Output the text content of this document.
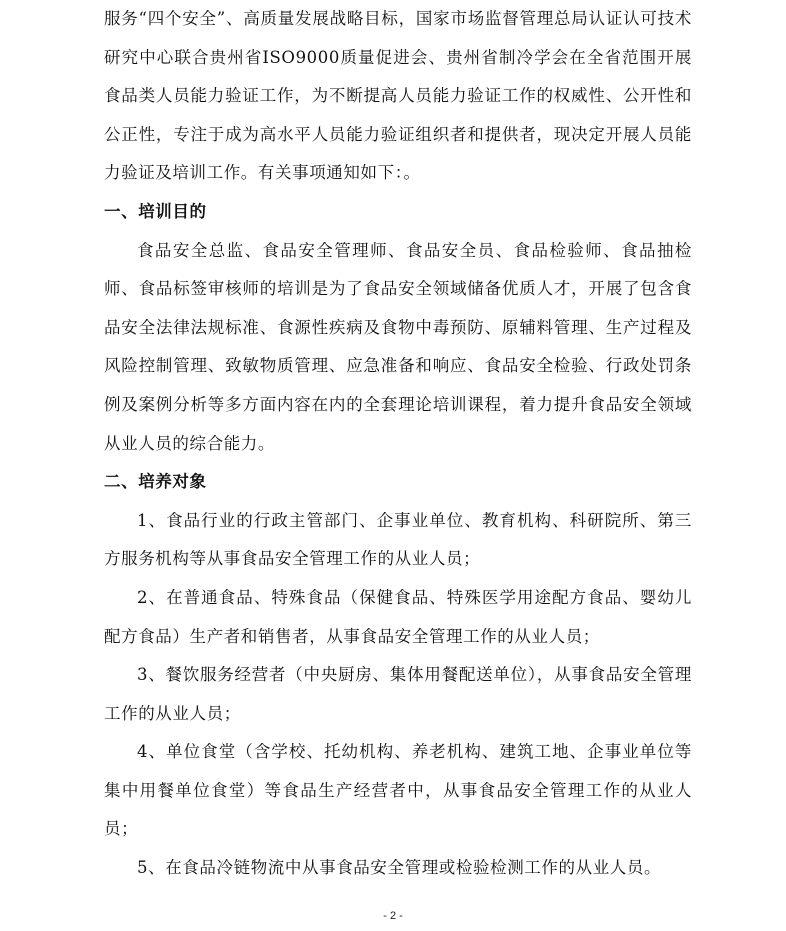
服务“四个安全”、高质量发展战略目标，国家市场监督管理总局认证认可技术研究中心联合贵州省ISO9000质量促进会、贵州省制冷学会在全省范围开展食品类人员能力验证工作，为不断提高人员能力验证工作的权威性、公开性和公正性，专注于成为高水平人员能力验证组织者和提供者，现决定开展人员能力验证及培训工作。有关事项通知如下：。

一、培训目的

食品安全总监、食品安全管理师、食品安全员、食品检验师、食品抽检师、食品标签审核师的培训是为了食品安全领域储备优质人才，开展了包含食品安全法律法规标准、食源性疾病及食物中毒预防、原辅料管理、生产过程及风险控制管理、致敏物质管理、应急准备和响应、食品安全检验、行政处罚条例及案例分析等多方面内容在内的全套理论培训课程，着力提升食品安全领域从业人员的综合能力。

二、培养对象

1、食品行业的行政主管部门、企事业单位、教育机构、科研院所、第三方服务机构等从事食品安全管理工作的从业人员；

2、在普通食品、特殊食品（保健食品、特殊医学用途配方食品、婴幼儿配方食品）生产者和销售者，从事食品安全管理工作的从业人员；

3、餐饮服务经营者（中央厨房、集体用餐配送单位），从事食品安全管理工作的从业人员；

4、单位食堂（含学校、托幼机构、养老机构、建筑工地、企事业单位等集中用餐单位食堂）等食品生产经营者中，从事食品安全管理工作的从业人员；

5、在食品冷链物流中从事食品安全管理或检验检测工作的从业人员。

- 2 -
